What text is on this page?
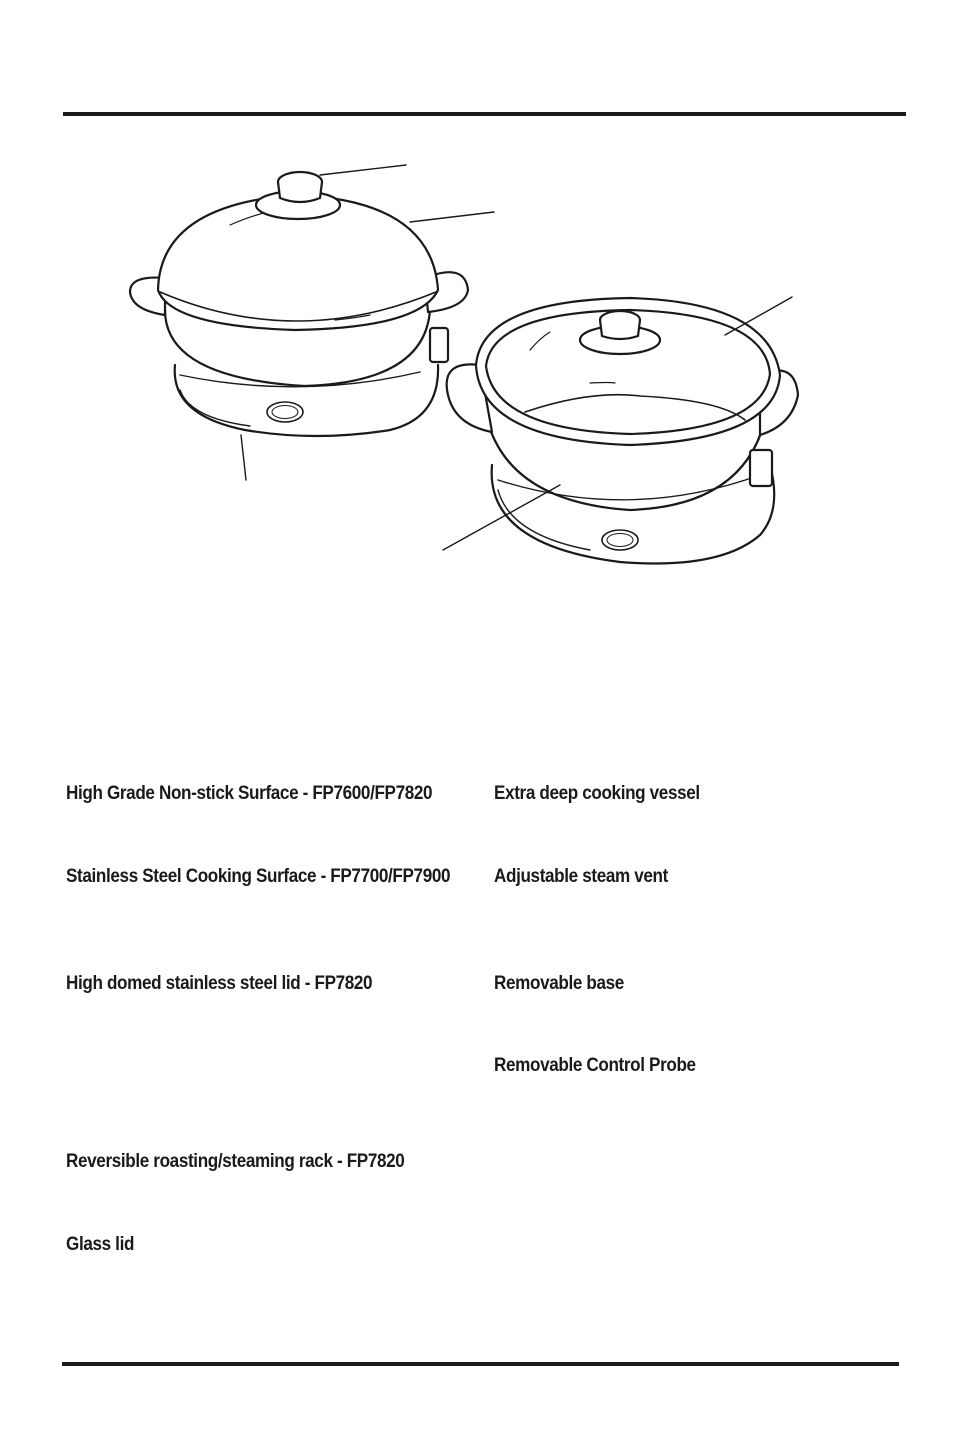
High Grade Non-stick Surface - FP7600/FP7820
Stainless Steel Cooking Surface - FP7700/FP7900
High domed stainless steel lid - FP7820
Reversible roasting/steaming rack - FP7820
Glass lid
Extra deep cooking vessel
Adjustable steam vent
Removable base
Removable Control Probe
